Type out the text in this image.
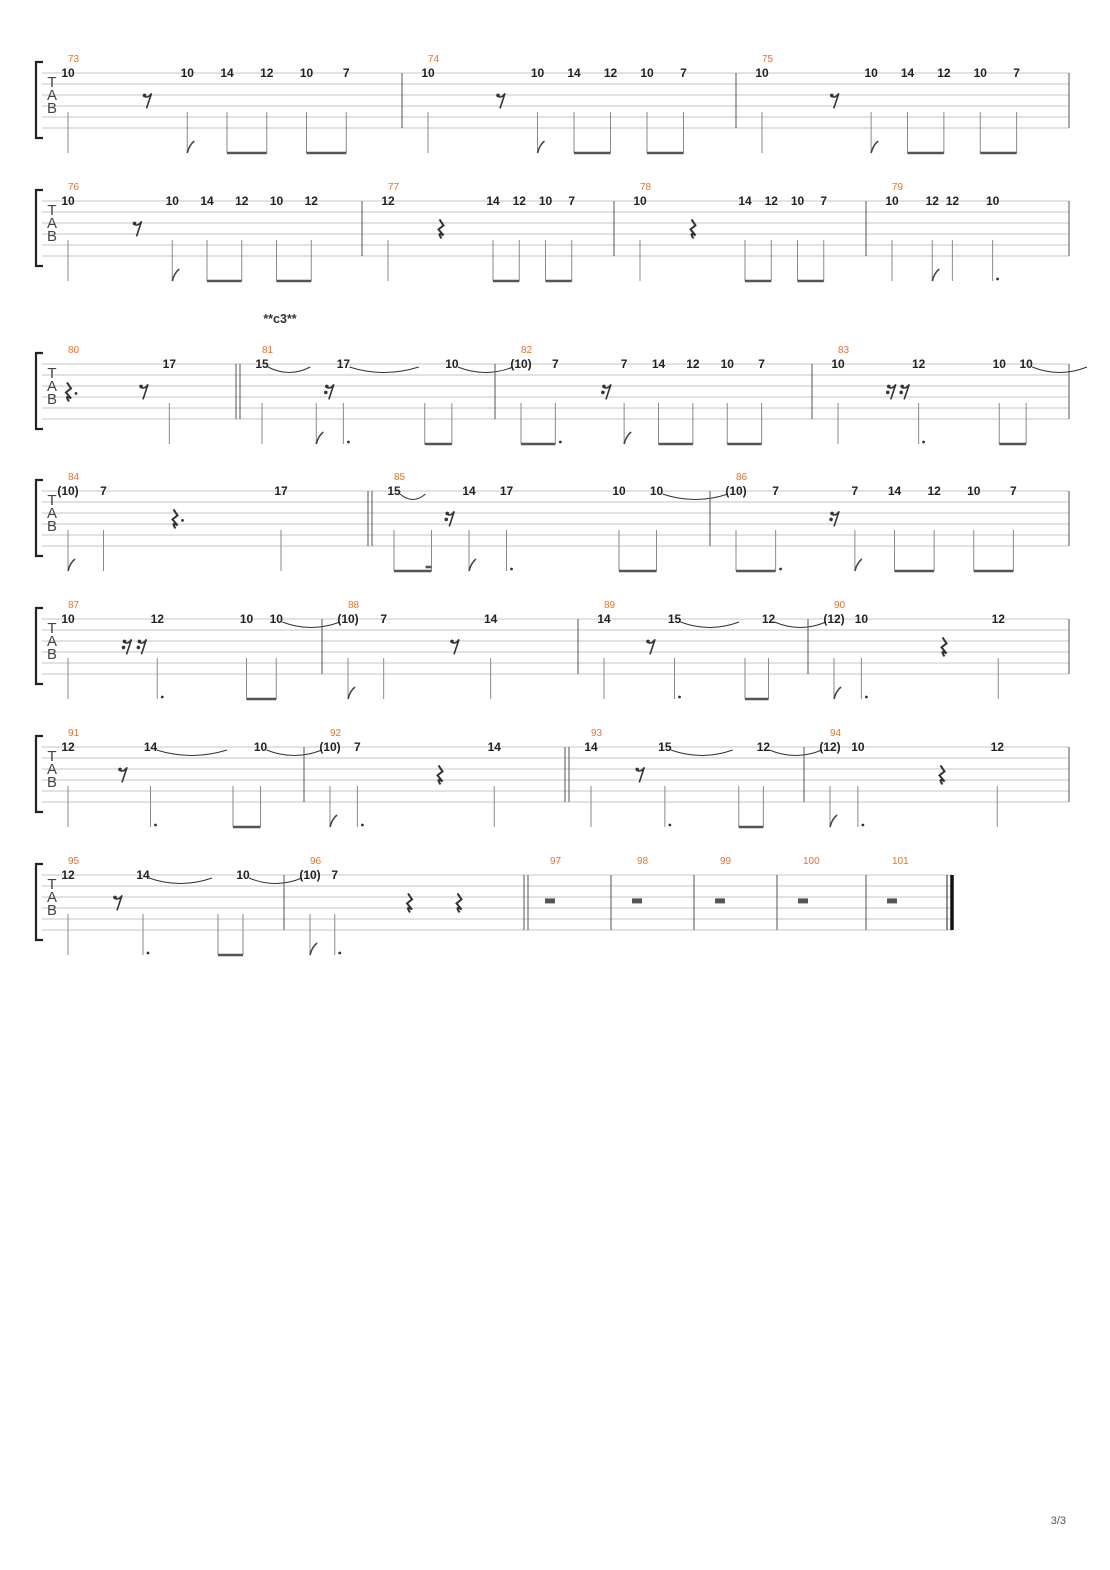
T
A
B
73
10	10 14 12 10 7
74
10	10 14 12 10 7
75
10	10 14 12 10 7
T
A
B
76
10	10 14 12 10 12
77
12	14 12 10 7
78
10	14 12 10 7
79
10 12 12 10
T
A
B
**c3**
80
17
81
15	17	10
82
(10) 7	7 14 12 10 7
83
10	12	10 10
T
A
B
84
(10) 7	17
85
15	14 17	10 10
86
(10) 7	7 14 12 10 7
T
A
B
87
10	12	10 10
88
(10) 7	14
89
14	15	12
90
(12) 10	12
T
A
B
91
12	14	10
92
(10) 7	14
93
14	15	12
94
(12) 10	12
T
A
B
95
12	14	10
96
(10) 7
97	98	99	100	101
3/3
